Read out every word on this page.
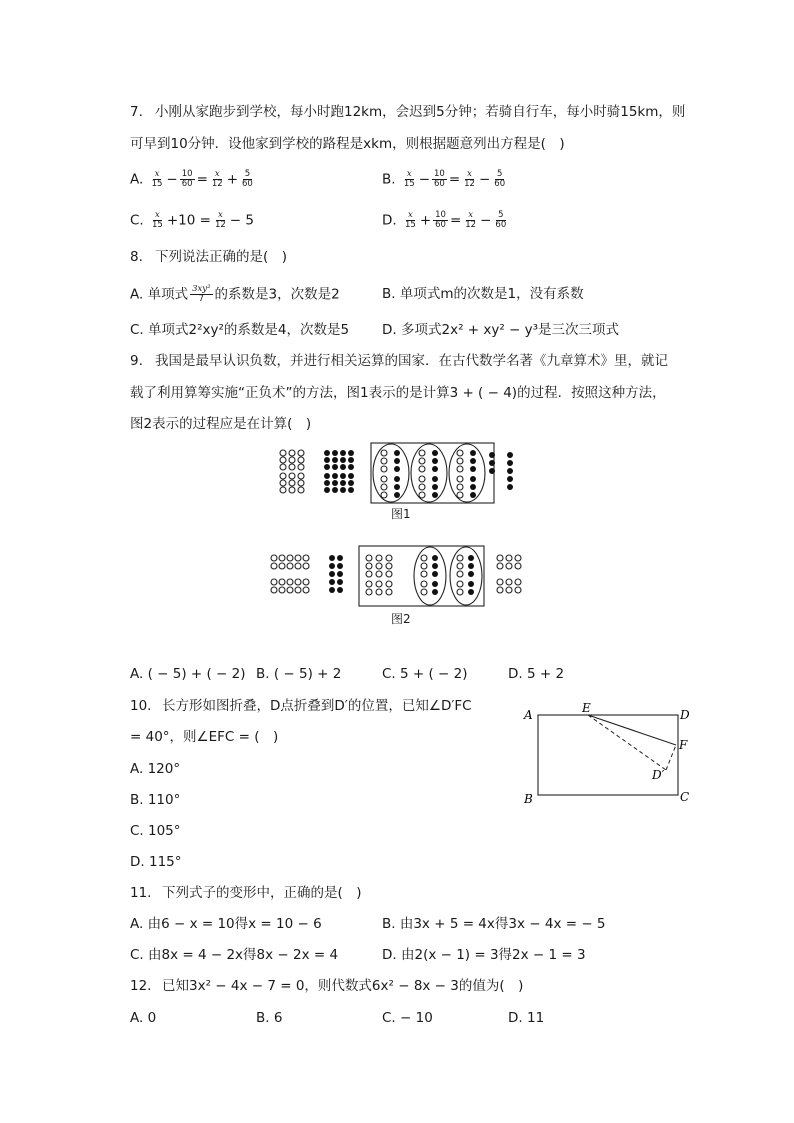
7. 小刚从家跑步到学校，每小时跑12km，会迟到5分钟；若骑自行车，每小时骑15km，则
可早到10分钟．设他家到学校的路程是xkm，则根据题意列出方程是(　)
A. $\frac{x}{15} - \frac{10}{60} = \frac{x}{12} + \frac{5}{60}$	B. $\frac{x}{15} - \frac{10}{60} = \frac{x}{12} - \frac{5}{60}$
C. $\frac{x}{15} +10 = \frac{x}{12} - 5$	D. $\frac{x}{15} + \frac{10}{60} = \frac{x}{12} - \frac{5}{60}$
8. 下列说法正确的是(　)
A. 单项式 $\frac{\text{3xy²}}{7}$ 的系数是3，次数是2	B. 单项式m的次数是1，没有系数
C. 单项式2²xy²的系数是4，次数是5 D. 多项式2x² + xy² − y³是三次三项式
9. 我国是最早认识负数，并进行相关运算的国家．在古代数学名著《九章算术》里，就记
载了利用算筹实施“正负术”的方法，图1表示的是计算3 + ( − 4)的过程．按照这种方法，
图2表示的过程应是在计算(　)
图1
图2
A. ( − 5) + ( − 2) B. ( − 5) + 2	C. 5 + ( − 2)	D. 5 + 2
10. 长方形如图折叠，D点折叠到D′的位置，已知∠D′FC
= 40°，则∠EFC = (　)
A. 120°
B. 110°
C. 105°
D. 115°
A	E	D
F
D′
B	C
11. 下列式子的变形中，正确的是(　)
A. 由6 − x = 10得x = 10 − 6	B. 由3x + 5 = 4x得3x − 4x = − 5
C. 由8x = 4 − 2x得8x − 2x = 4	D. 由2(x − 1) = 3得2x − 1 = 3
12. 已知3x² − 4x − 7 = 0，则代数式6x² − 8x − 3的值为(　)
A. 0	B. 6	C. − 10	D. 11
